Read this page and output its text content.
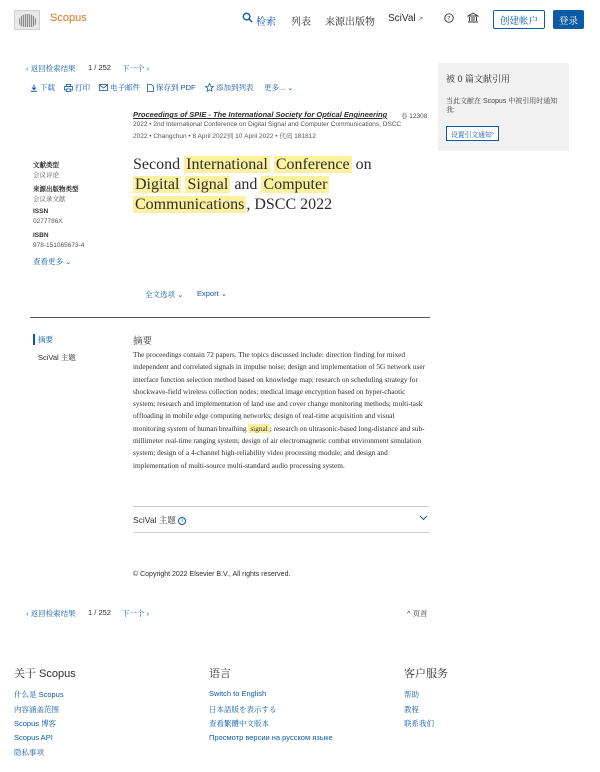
Scopus	检索 列表 来源出版物 SciVal ↗	?	创建帐户	登录
‹ 返回检索结果 1 / 252 下一个 ›
下载	打印	电子邮件 保存到 PDF	添加到列表 更多... ⌄
Proceedings of SPIE - The International Society for Optical Engineering 卷 12308
2022 • 2nd International Conference on Digital Signal and Computer Communications, DSCC
2022 • Changchun • 8 April 2022到 10 April 2022 • 代码 181812
Second International Conference on
Digital Signal and Computer
Communications , DSCC 2022
文献类型
会议评论
来源出版物类型
会议录文献
ISSN
0277786X
ISBN
978-151065673-4
查看更多 ⌄
全文选项 ⌄ Export ⌄
摘要
SciVal 主题
摘要
The proceedings contain 72 papers. The topics discussed include: direction finding for mixed independent and correlated signals in impulse noise; design and implementation of 5G network user interface function selection method based on knowledge map; research on scheduling strategy for shockwave-field wireless collection nodes; medical image encryption based on hyper-chaotic system; research and implementation of land use and cover change monitoring methods; multi-task offloading in mobile edge computing networks; design of real-time acquisition and visual monitoring system of human breathing signal ; research on ultrasonic-based long-distance and sub-millimeter real-time ranging system; design of air electromagnetic combat environment simulation system; design of a 4-channel high-reliability video processing module; and design and implementation of multi-source multi-standard audio processing system.
SciVal 主题 i
© Copyright 2022 Elsevier B.V., All rights reserved.
‹ 返回检索结果 1 / 252 下一个 ›	^ 页首
被 0 篇文献引用
当此文献在 Scopus 中被引用时通知我:
设置引文通知 ›
关于 Scopus
什么是 Scopus
内容涵盖范围
Scopus 博客
Scopus API
隐私事项
语言
Switch to English
日本語版を表示する
查看繁體中文版本
Просмотр версии на русском языке
客户服务
帮助
教程
联系我们
